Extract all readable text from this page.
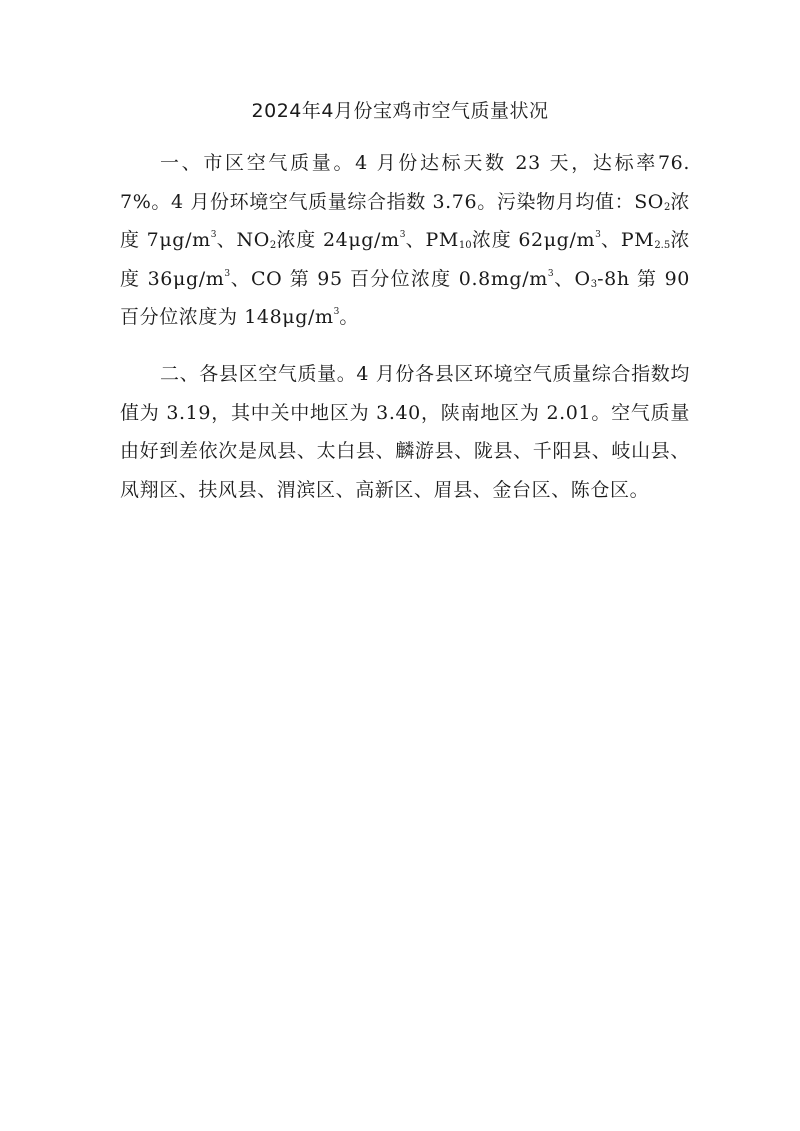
2024年4月份宝鸡市空气质量状况

一、市区空气质量。4 月份达标天数 23 天，达标率76.7%。4 月份环境空气质量综合指数 3.76。污染物月均值：$SO_2$浓度 $7\mu g/m^3$、$NO_2$浓度 $24\mu g/m^3$、$PM_{10}$浓度 $62\mu g/m^3$、$PM_{2.5}$浓度 $36\mu g/m^3$、CO 第 95 百分位浓度 $0.8mg/m^3$、$O_3-8h$ 第 90 百分位浓度为 $148\mu g/m^3$。

二、各县区空气质量。4 月份各县区环境空气质量综合指数均值为 3.19，其中关中地区为 3.40，陕南地区为 2.01。空气质量由好到差依次是凤县、太白县、麟游县、陇县、千阳县、岐山县、凤翔区、扶风县、渭滨区、高新区、眉县、金台区、陈仓区。
